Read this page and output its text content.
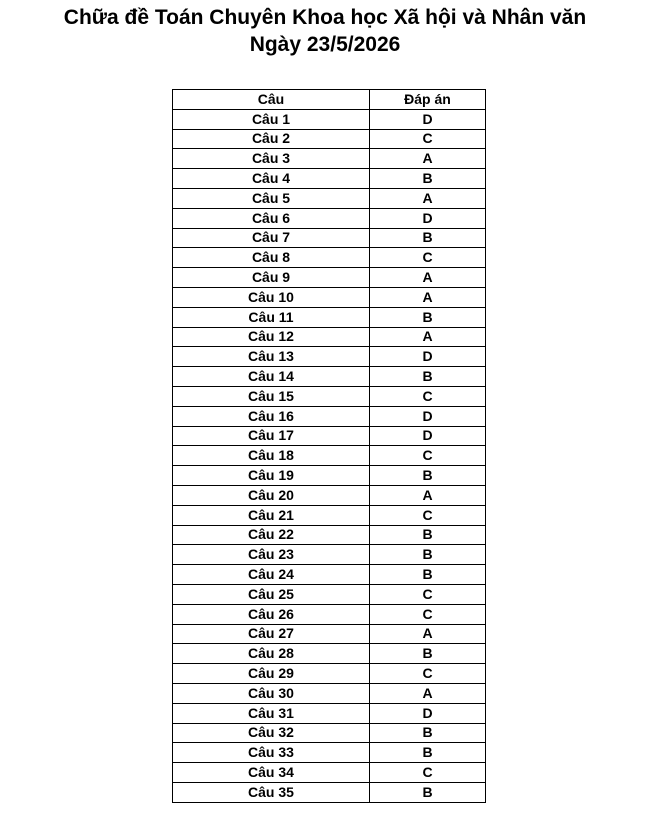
Chữa đề Toán Chuyên Khoa học Xã hội và Nhân văn
Ngày 23/5/2026
Câu	Đáp án
Câu 1	D
Câu 2	C
Câu 3	A
Câu 4	B
Câu 5	A
Câu 6	D
Câu 7	B
Câu 8	C
Câu 9	A
Câu 10	A
Câu 11	B
Câu 12	A
Câu 13	D
Câu 14	B
Câu 15	C
Câu 16	D
Câu 17	D
Câu 18	C
Câu 19	B
Câu 20	A
Câu 21	C
Câu 22	B
Câu 23	B
Câu 24	B
Câu 25	C
Câu 26	C
Câu 27	A
Câu 28	B
Câu 29	C
Câu 30	A
Câu 31	D
Câu 32	B
Câu 33	B
Câu 34	C
Câu 35	B
